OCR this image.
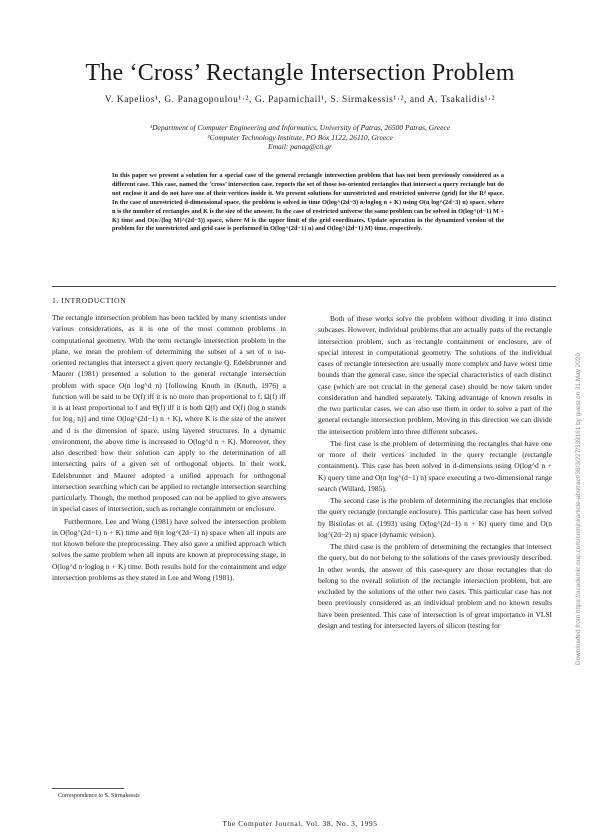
The ‘Cross’ Rectangle Intersection Problem
V. Kapelios¹, G. Panagopoulou¹·², G. Papamichail¹, S. Sirmakessis¹·², and A. Tsakalidis¹·²
¹Department of Computer Engineering and Informatics, University of Patras, 26500 Patras, Greece
²Computer Technology Institute, PO Box 1122, 26110, Greece
Email: panag@cti.gr
In this paper we present a solution for a special case of the general rectangle intersection problem that has not been previously considered as a different case. This case, named the ‘cross’ intersection case, reports the set of those iso-oriented rectangles that intersect a query rectangle but do not enclose it and do not have one of their vertices inside it. We present solutions for unrestricted and restricted universe (grid) for the Rᵈ space. In the case of unrestricted d-dimensional space, the problem is solved in time O(log^(2d−3) n·loglog n + K) using O(n log^(2d−3) n) space, where n is the number of rectangles and K is the size of the answer. In the case of restricted universe the same problem can be solved in O(log^(d−1) M + K) time and O(n√(log M)^(2d−3)) space, where M is the upper limit of the grid coordinates. Update operation in the dynamized version of the problem for the unrestricted and grid case is performed in O(log^(2d−1) n) and O(log^(2d−1) M) time, respectively.
1. INTRODUCTION

The rectangle intersection problem has been tackled by many scientists under various considerations, as it is one of the most common problems in computational geometry. With the term rectangle intersection problem in the plane, we mean the problem of determining the subset of a set of n iso-oriented rectangles that intersect a given query rectangle Q. Edelsbrunner and Maurer (1981) presented a solution to the general rectangle intersection problem with space O(n log^d n) [following Knuth in (Knuth, 1976) a function will be said to be O(f) iff it is no more than proportional to f, Ω(f) iff it is at least proportional to f and Θ(f) iff it is both Ω(f) and O(f) (log n stands for log₂ n)] and time O(log^(2d−1) n + K), where K is the size of the answer and d is the dimension of space, using layered structures. In a dynamic environment, the above time is increased to O(log^d n + K). Moreover, they also described how their solution can apply to the determination of all intersecting pairs of a given set of orthogonal objects. In their work, Edelsbrunner and Maurer adopted a unified approach for orthogonal intersection searching which can be applied to rectangle intersection searching particularly. Though, the method proposed can not be applied to give answers in special cases of intersection, such as rectangle containment or enclosure.

Furthermore, Lee and Wong (1981) have solved the intersection problem in O(log^(2d−1) n + K) time and θ(n log^(2d−1) n) space when all inputs are not known before the preprocessing. They also gave a unified approach which solves the same problem when all inputs are known at preprocessing stage, in O(log^d n·loglog n + K) time. Both results hold for the containment and edge intersection problems as they stated in Lee and Wong (1981).

Both of these works solve the problem without dividing it into distinct subcases. However, individual problems that are actually parts of the rectangle intersection problem, such as rectangle containment or enclosure, are of special interest in computational geometry. The solutions of the individual cases of rectangle intersection are usually more complex and have worst time bounds than the general case, since the special characteristics of each distinct case (which are not crucial in the general case) should be now taken under consideration and handled separately. Taking advantage of known results in the two particular cases, we can also use them in order to solve a part of the general rectangle intersection problem. Moving in this direction we can divide the intersection problem into three different subcases.

The first case is the problem of determining the rectangles that have one or more of their vertices included in the query rectangle (rectangle containment). This case has been solved in d-dimensions using O(log^d n + K) query time and O(n log^(d−1) n) space executing a two-dimensional range search (Willard, 1985).

The second case is the problem of determining the rectangles that enclose the query rectangle (rectangle enclosure). This particular case has been solved by Bistiolas et al. (1993) using O(log^(2d−1) n + K) query time and O(n log^(2d−2) n) space (dynamic version).

The third case is the problem of determining the rectangles that intersect the query, but do not belong to the solutions of the cases previously described. In other words, the answer of this case-query are those rectangles that do belong to the overall solution of the rectangle intersection problem, but are excluded by the solutions of the other two cases. This particular case has not been previously considered as an individual problem and no known results have been presented. This case of intersection is of great importance in VLSI design and testing for intersected layers of silicon (testing for

Correspondence to S. Sirmakessis
The Computer Journal, Vol. 38, No. 3, 1995
Downloaded from https://academic.oup.com/comjnl/article-abstract/38/3/227/339161 by guest on 31 May 2020
